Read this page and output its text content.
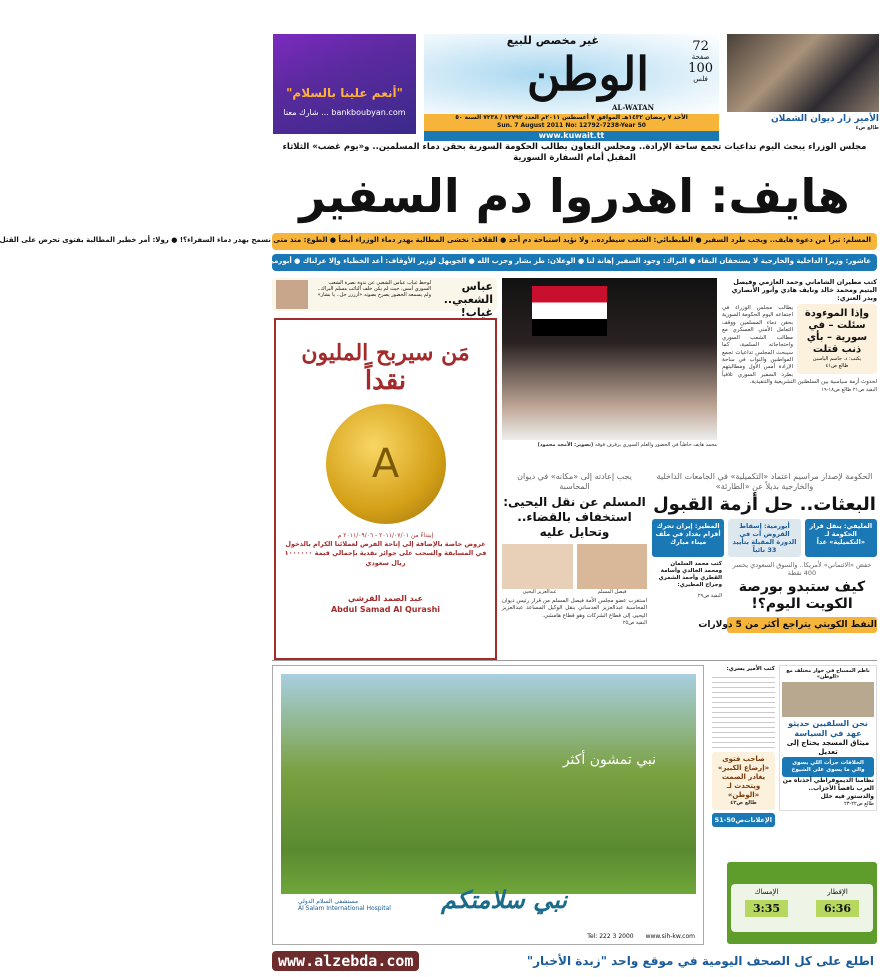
"أنعم علينا بالسلام"
bankboubyan.com ... شارك معنا
غير مخصص للبيع
الوطن
AL-WATAN
72
صفحة
100
فلس
الأحد ٧ رمضان ١٤٣٢هـ الموافق ٧ أغسطس ٢٠١١م العدد ١٢٧٩٢ / ٧٢٣٨ السنة ٥٠
Sun. 7 August 2011 No: 12792-7238-Year 50
www.kuwait.tt
الأمير زار ديوان الشملان
طالع ص٤
مجلس الوزراء يبحث اليوم تداعيات تجمع ساحة الإرادة.. ومجلس التعاون يطالب الحكومة السورية بحقن دماء المسلمين.. و«يوم غضب» الثلاثاء المقبل أمام السفارة السورية
هايف: اهدروا دم السفير
المسلم: تبرأ من دعوة هايف.. ويجب طرد السفير ● الطبطبائي: الشعب سيطرده.. ولا نؤيد استباحة دم أحد ● القلاف: نخشى المطالبة بهدر دماء الوزراء أيضاً ● الطوع: منذ متى نسمح بهدر دماء السفراء؟! ● رولا: أمر خطير المطالبة بفتوى تحرض على القتل
عاشور: وزيرا الداخلية والخارجية لا يستحقان البقاء ● البراك: وجود السفير إهانة لنا ● الوعلان: طز بشار وحزب الله ● الجويهل لوزير الأوقاف: أعد الخطباء وإلا عزلناك ● أبورمية: بقاؤه مرتبط باشتقاقه ● الدستورية الإسلامية: الدماء معصومة
عباس الشعبي.. غياب!

لوحظ غياب عباس الشعبي عن ندوة نصرة الشعب السوري أمس، حيث لم يكن خلف النائب مسلم البراك.. ولم يسمعه الحضور يصرخ بصوته «أرررر حل.. يا بشار»

مَن سيربح المليون
نقداً
A
إبتداءً من ٢٠١١/٠٧/٠١ - ٢٠١١/٠٩/٠٦ م
عروض خاصة بالإضافة إلى إتاحة الفرص لعملائنا الكرام بالدخول في المسابقة والسحب على جوائز نقدية بإجمالي قيمة ١٠٠٠٠٠٠ ريال سعودي
عبد الصمد القرشي
Abdul Samad Al Qurashi
محمد هايف خاطباً في الحضور والعلم السوري يرفرف فوقه (تصوير: الأمجد محمود)
كتب مطيران الشاماني وحمد العازمي وفيصل اليتيم ومحمد خالد ونايف هادي وأنور الأنصاري وبدر العنزي:
وإذا الموءودة سئلت – في سورية – بأي ذنب قتلت
يكتب: د. جاسم الياسين
طالع ص٤١
يطالب مجلس الوزراء في اجتماعه اليوم الحكومة السورية بحقن دماء المسلمين ووقف التعامل الأمني العسكري مع مطالب الشعب السوري واحتجاجاته السلمية، كما سيبحث المجلس تداعيات تجمع المواطنين والنواب في ساحة الإرادة أمس الأول ومطالبتهم بطرد السفير السوري تلافياً لحدوث أزمة سياسية بين السلطتين التشريعية والتنفيذية.
البقية ص٢١ طالع ص١٨-١٩
يجب إعادته إلى «مكانه» في ديوان المحاسبة
المسلم عن نقل اليحيى: استخفاف بالقضاء.. وتحايل عليه
فيصل المسلم
عبدالعزيز اليحيى
استغرب عضو مجلس الأمة فيصل المسلم من قرار رئيس ديوان المحاسبة عبدالعزيز العدساني بنقل الوكيل المساعد عبدالعزيز اليحيى إلى قطاع الشركات وهو قطاع هامشي.
البقية ص٢٥
الحكومة لإصدار مراسيم اعتماد «التكميلية» في الجامعات الداخلية والخارجية بديلاً عن «الطارئة»
البعثات.. حل أزمة القبول
المليفي: ينقل قرار الحكومة لـ «التكميلية» غداً
أبورمية: إسقاط القروض آت في الدورة المقبلة بتأييد 33 نائباً
المطير: إيران تحرك أقزام بغداد في ملف ميناء مبارك
خفض «الائتماني» لأمريكا.. والسوق السعودي يخسر 400 نقطة
كيف ستبدو بورصة الكويت اليوم؟!
النفط الكويتي يتراجع أكثر من 5 دولارات
كتب محمد السلمان ومحمد الخالدي وأسامة القطري وأحمد الشمري وجراح المطيري:
البقية ص٢٩
نبي تمشون أكثر
نبي سلامتكم
مستشفى السلام الدولي
Al Salam International Hospital
Tel: 222 3 2000 www.sih-kw.com
كتب الأمير يسري:
صاحب فتوى «إرضاع الكبير» يغادر الصمت ويتحدث لـ «الوطن»
طالع ص٤٣
الإعلانات
ص50-51
ناظم المسباح في حوار مختلف مع «الوطن»
نحن السلفيين حديثو عهد في السياسة
ميثاق المسجد يحتاج إلى تعديل
الخلافات جرأت اللي يسوى والي ما يسوى على الشيوخ
نظامنا الديموقراطي أخذناه من الغرب ناقصاً الأحزاب.. والدستور فيه خلل
طالع ص٢٢-٢٣
الإفطار
6:36
الإمساك
3:35
اطلع على كل الصحف اليومية في موقع واحد "زبدة الأخبار"
www.alzebda.com
